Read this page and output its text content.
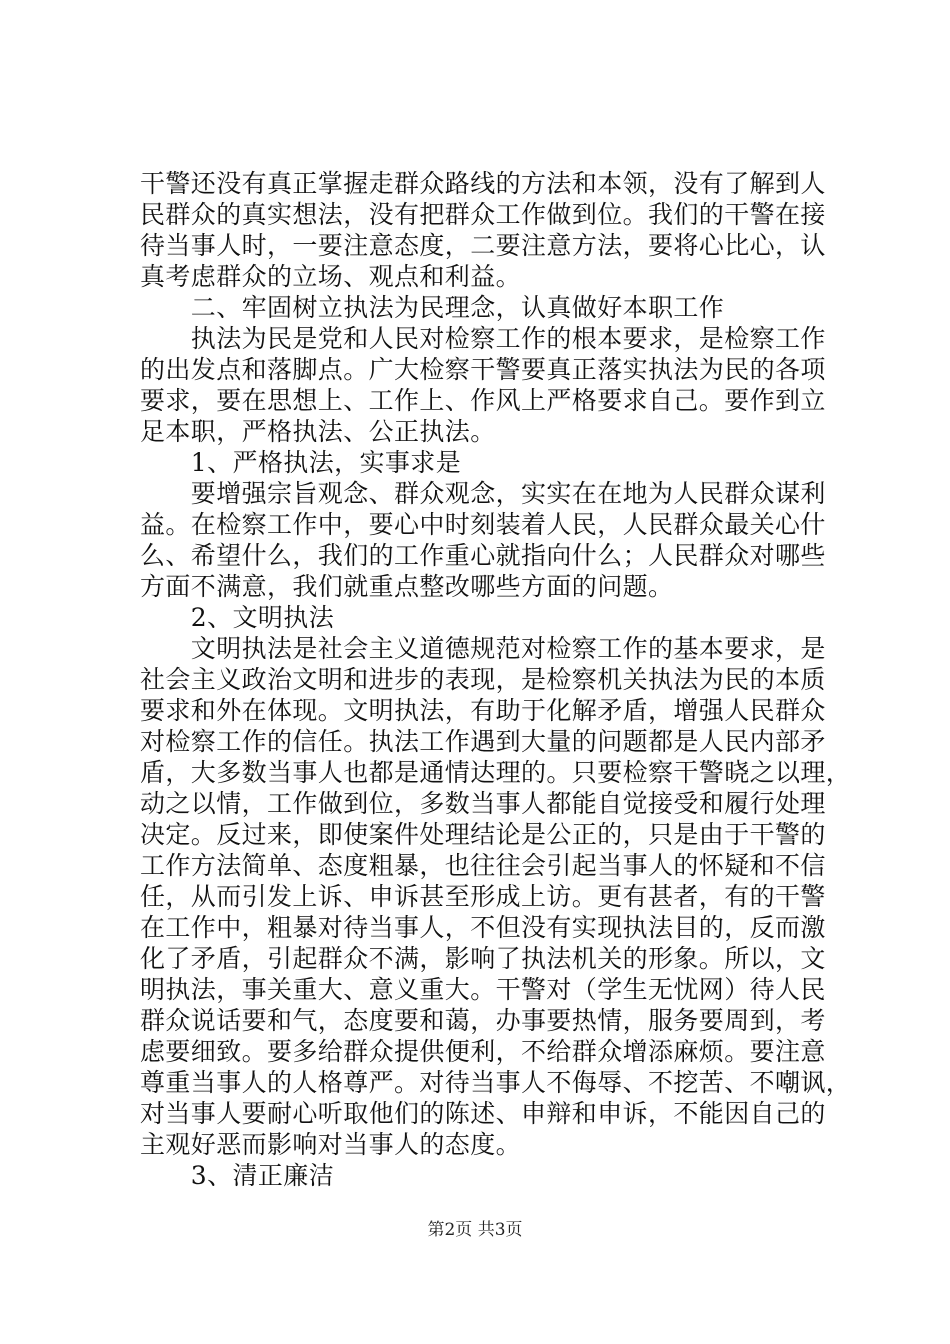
干警还没有真正掌握走群众路线的方法和本领，没有了解到人
民群众的真实想法，没有把群众工作做到位。我们的干警在接
待当事人时，一要注意态度，二要注意方法，要将心比心，认
真考虑群众的立场、观点和利益。
　　二、牢固树立执法为民理念，认真做好本职工作
　　执法为民是党和人民对检察工作的根本要求，是检察工作
的出发点和落脚点。广大检察干警要真正落实执法为民的各项
要求，要在思想上、工作上、作风上严格要求自己。要作到立
足本职，严格执法、公正执法。
　　1、严格执法，实事求是
　　要增强宗旨观念、群众观念，实实在在地为人民群众谋利
益。在检察工作中，要心中时刻装着人民，人民群众最关心什
么、希望什么，我们的工作重心就指向什么；人民群众对哪些
方面不满意，我们就重点整改哪些方面的问题。
　　2、文明执法
　　文明执法是社会主义道德规范对检察工作的基本要求，是
社会主义政治文明和进步的表现，是检察机关执法为民的本质
要求和外在体现。文明执法，有助于化解矛盾，增强人民群众
对检察工作的信任。执法工作遇到大量的问题都是人民内部矛
盾，大多数当事人也都是通情达理的。只要检察干警晓之以理，
动之以情，工作做到位，多数当事人都能自觉接受和履行处理
决定。反过来，即使案件处理结论是公正的，只是由于干警的
工作方法简单、态度粗暴，也往往会引起当事人的怀疑和不信
任，从而引发上诉、申诉甚至形成上访。更有甚者，有的干警
在工作中，粗暴对待当事人，不但没有实现执法目的，反而激
化了矛盾，引起群众不满，影响了执法机关的形象。所以，文
明执法，事关重大、意义重大。干警对（学生无忧网）待人民
群众说话要和气，态度要和蔼，办事要热情，服务要周到，考
虑要细致。要多给群众提供便利，不给群众增添麻烦。要注意
尊重当事人的人格尊严。对待当事人不侮辱、不挖苦、不嘲讽，
对当事人要耐心听取他们的陈述、申辩和申诉，不能因自己的
主观好恶而影响对当事人的态度。
　　3、清正廉洁
第2页 共3页
